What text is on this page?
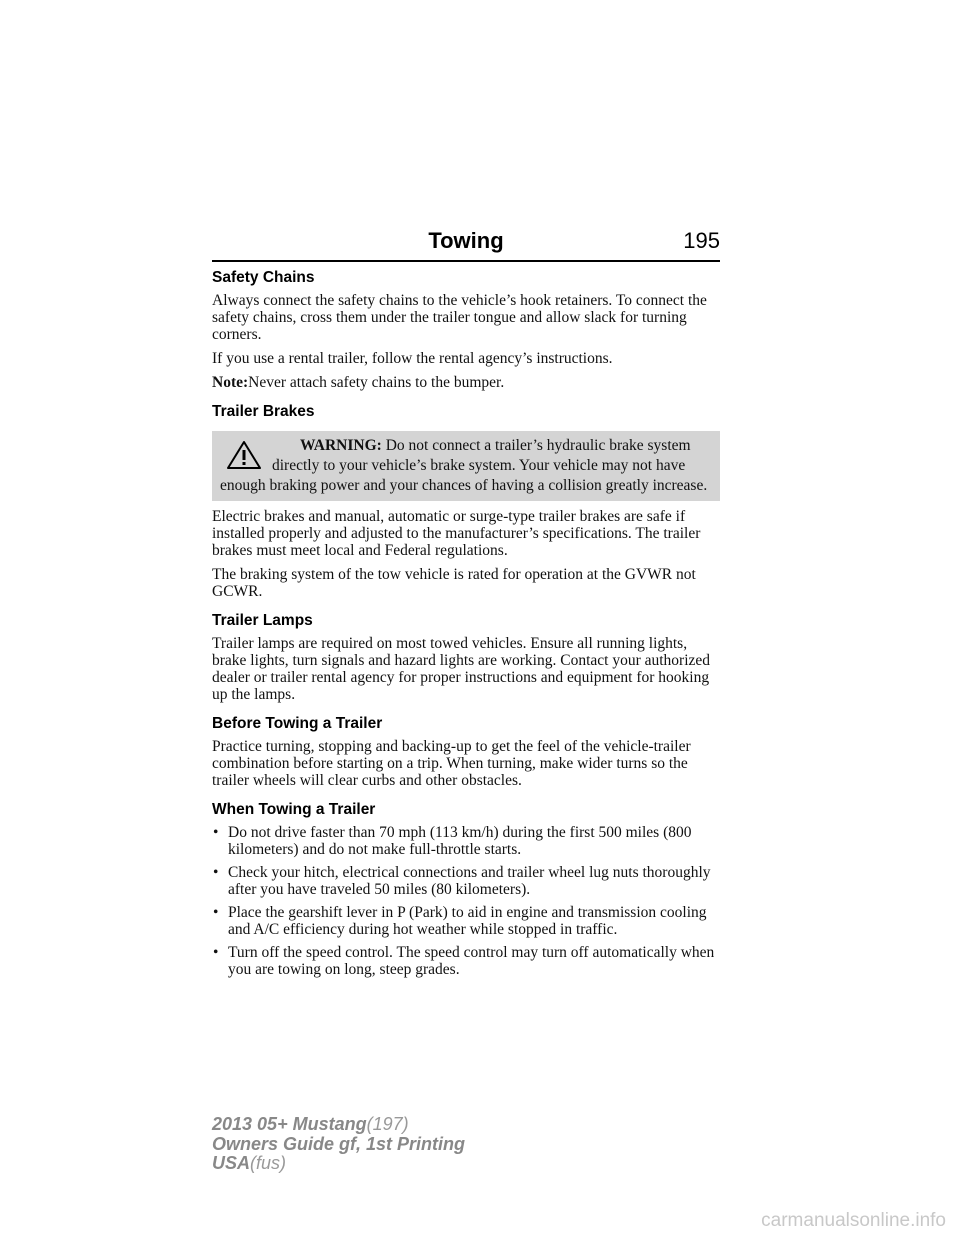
Towing	195
Safety Chains

Always connect the safety chains to the vehicle’s hook retainers. To connect the safety chains, cross them under the trailer tongue and allow slack for turning corners.

If you use a rental trailer, follow the rental agency’s instructions.

Note:Never attach safety chains to the bumper.

Trailer Brakes
WARNING: Do not connect a trailer’s hydraulic brake system directly to your vehicle’s brake system. Your vehicle may not have enough braking power and your chances of having a collision greatly increase.

Electric brakes and manual, automatic or surge-type trailer brakes are safe if installed properly and adjusted to the manufacturer’s specifications. The trailer brakes must meet local and Federal regulations.

The braking system of the tow vehicle is rated for operation at the GVWR not GCWR.

Trailer Lamps

Trailer lamps are required on most towed vehicles. Ensure all running lights, brake lights, turn signals and hazard lights are working. Contact your authorized dealer or trailer rental agency for proper instructions and equipment for hooking up the lamps.

Before Towing a Trailer

Practice turning, stopping and backing-up to get the feel of the vehicle-trailer combination before starting on a trip. When turning, make wider turns so the trailer wheels will clear curbs and other obstacles.

When Towing a Trailer
• Do not drive faster than 70 mph (113 km/h) during the first 500 miles (800 kilometers) and do not make full-throttle starts.
• Check your hitch, electrical connections and trailer wheel lug nuts thoroughly after you have traveled 50 miles (80 kilometers).
• Place the gearshift lever in P (Park) to aid in engine and transmission cooling and A/C efficiency during hot weather while stopped in traffic.
• Turn off the speed control. The speed control may turn off automatically when you are towing on long, steep grades.
2013 05+ Mustang(197)
Owners Guide gf, 1st Printing
USA(fus)
carmanualsonline.info
